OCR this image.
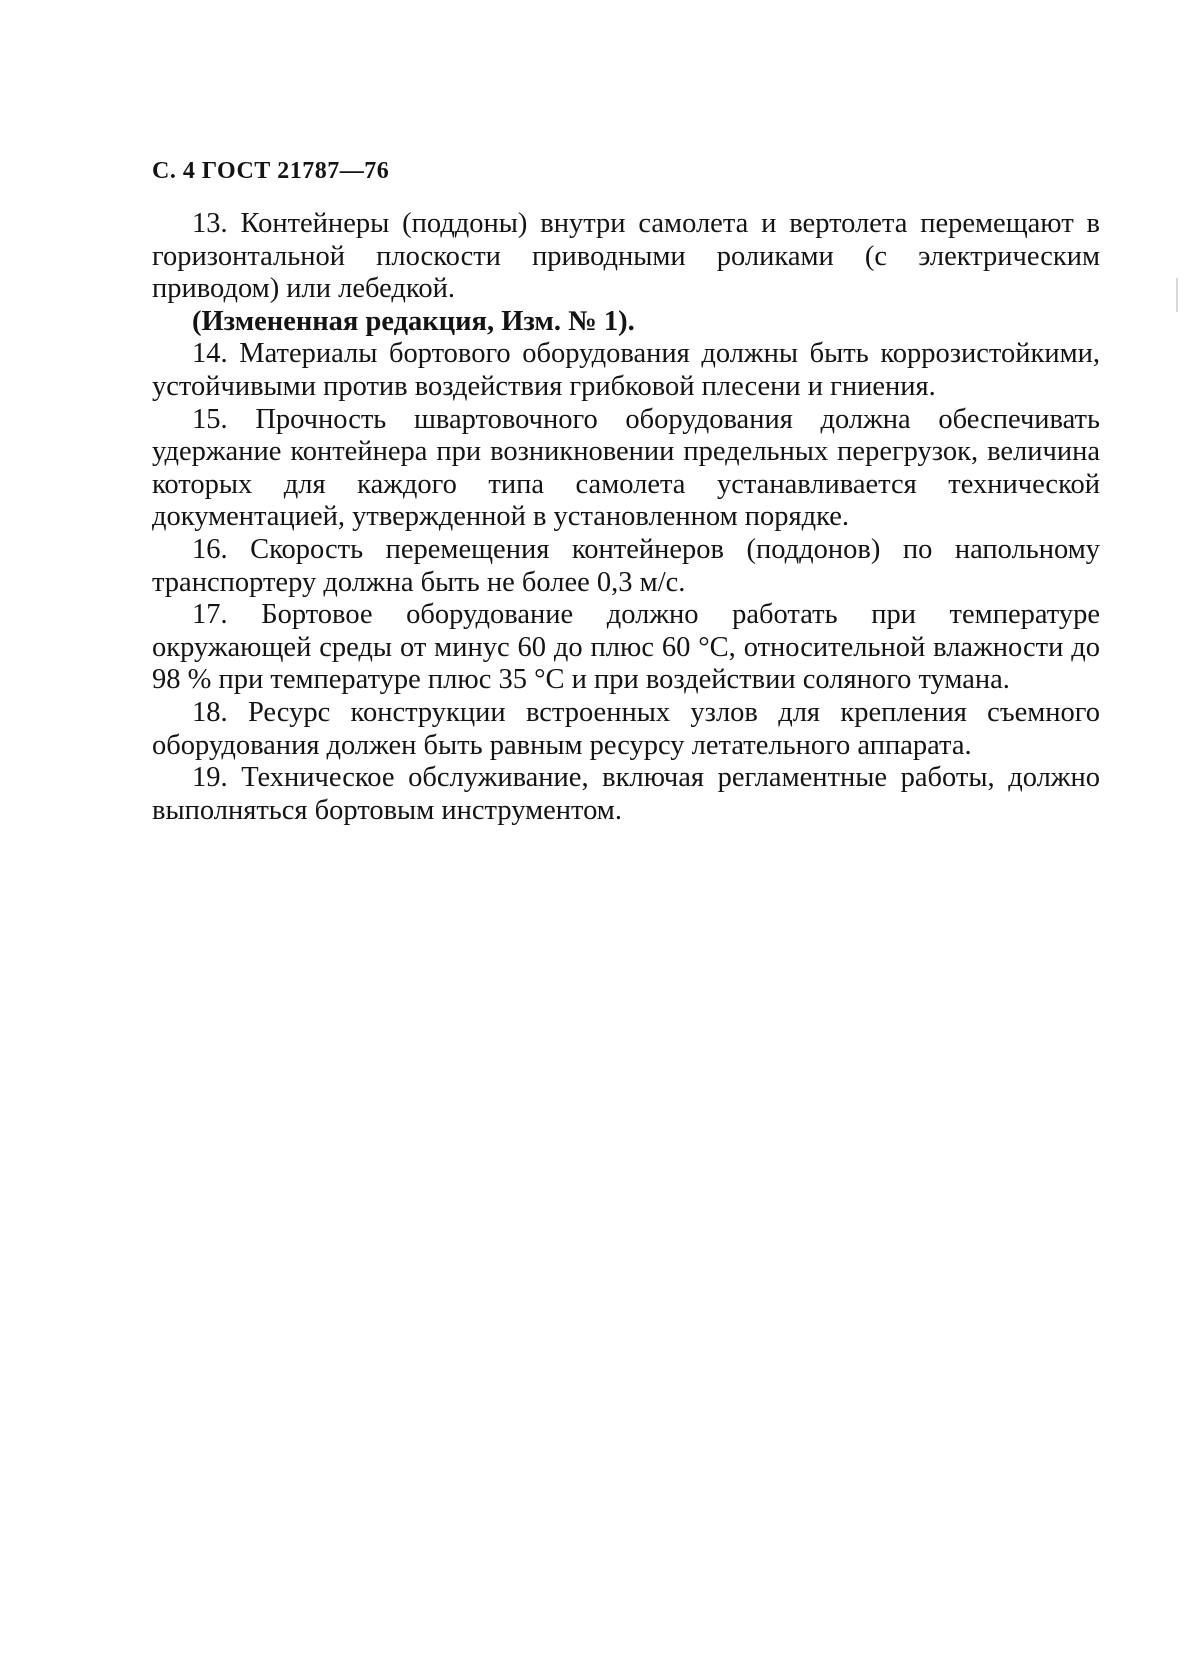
С. 4 ГОСТ 21787—76

13. Контейнеры (поддоны) внутри самолета и вертолета перемещают в горизонтальной плоскости приводными роликами (с электрическим приводом) или лебедкой.

(Измененная редакция, Изм. № 1).

14. Материалы бортового оборудования должны быть коррозистойкими, устойчивыми против воздействия грибковой плесени и гниения.

15. Прочность швартовочного оборудования должна обеспечивать удержание контейнера при возникновении предельных перегрузок, величина которых для каждого типа самолета устанавливается технической документацией, утвержденной в установленном порядке.

16. Скорость перемещения контейнеров (поддонов) по напольному транспортеру должна быть не более 0,3 м/с.

17. Бортовое оборудование должно работать при температуре окружающей среды от минус 60 до плюс 60 °С, относительной влажности до 98 % при температуре плюс 35 °С и при воздействии соляного тумана.

18. Ресурс конструкции встроенных узлов для крепления съемного оборудования должен быть равным ресурсу летательного аппарата.

19. Техническое обслуживание, включая регламентные работы, должно выполняться бортовым инструментом.
